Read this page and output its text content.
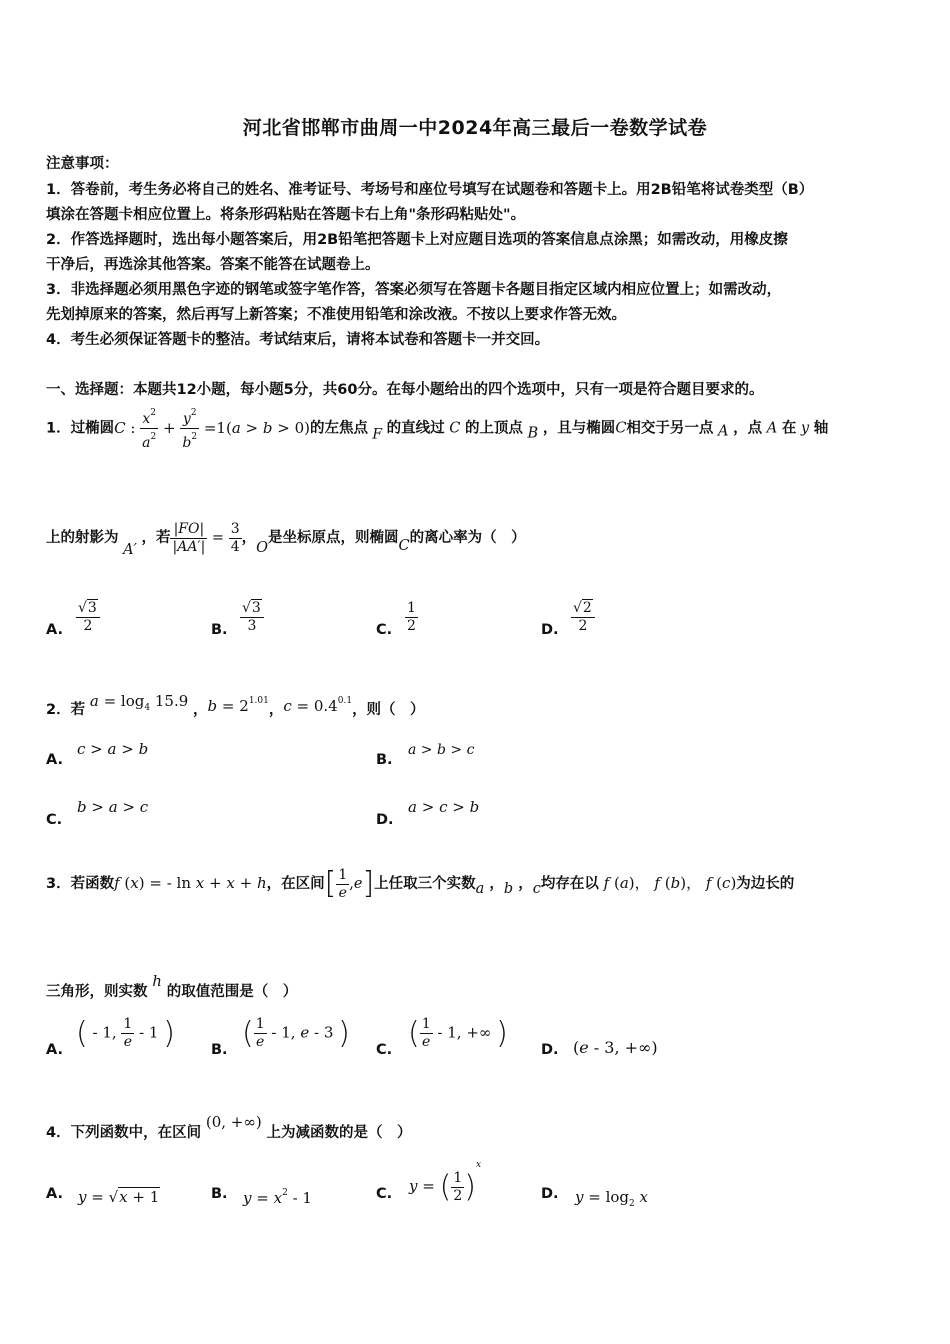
河北省邯郸市曲周一中2024年高三最后一卷数学试卷
注意事项：
1．答卷前，考生务必将自己的姓名、准考证号、考场号和座位号填写在试题卷和答题卡上。用2B铅笔将试卷类型（B）
填涂在答题卡相应位置上。将条形码粘贴在答题卡右上角"条形码粘贴处"。
2．作答选择题时，选出每小题答案后，用2B铅笔把答题卡上对应题目选项的答案信息点涂黑；如需改动，用橡皮擦
干净后，再选涂其他答案。答案不能答在试题卷上。
3．非选择题必须用黑色字迹的钢笔或签字笔作答，答案必须写在答题卡各题目指定区域内相应位置上；如需改动，
先划掉原来的答案，然后再写上新答案；不准使用铅笔和涂改液。不按以上要求作答无效。
4．考生必须保证答题卡的整洁。考试结束后，请将本试卷和答题卡一并交回。
一、选择题：本题共12小题，每小题5分，共60分。在每小题给出的四个选项中，只有一项是符合题目要求的。
1．过椭圆C : $\frac{x^2}{a^2} + \frac{y^2}{b^2} =1(a > b > 0)$的左焦点 F 的直线过 C 的上顶点 B ，且与椭圆C相交于另一点 A ，点 A 在 y 轴
上的射影为 A′ ，若 $\frac{|FO|}{|AA'|} = \frac{3}{4}$ ，O是坐标原点，则椭圆C的离心率为（　）
A. $\frac{√3}{2}$	B. $\frac{√3}{3}$	C. $\frac{1}{2}$	D. $\frac{√2}{2}$
2．若 $a = \log_4 15.9$ ，$b = 2^{1.01}$，$c = 0.4^{0.1}$，则（　）
A.
c > a > b
B.
a > b > c
C.
b > a > c
D.
a > c > b
3．若函数f (x) = - ln x + x + h，在区间[ $\frac{1}{e} ,e$]上任取三个实数a ，b ，c均存在以 f (a)， f (b)， f (c)为边长的
三角形，则实数 h 的取值范围是（　）
A. ( - 1, $\frac{1}{e} - 1$ ) B. ( $\frac{1}{e} - 1$, e - 3 ) C. ( $\frac{1}{e} - 1$, +∞ ) D. (e - 3, +∞)
4．下列函数中，在区间 (0, +∞) 上为减函数的是（　）
A. y = √x + 1	B. $y = x^2 - 1$	C. y = ( $\frac{1}{2} )^x$
D. $y = \log_2 x$
